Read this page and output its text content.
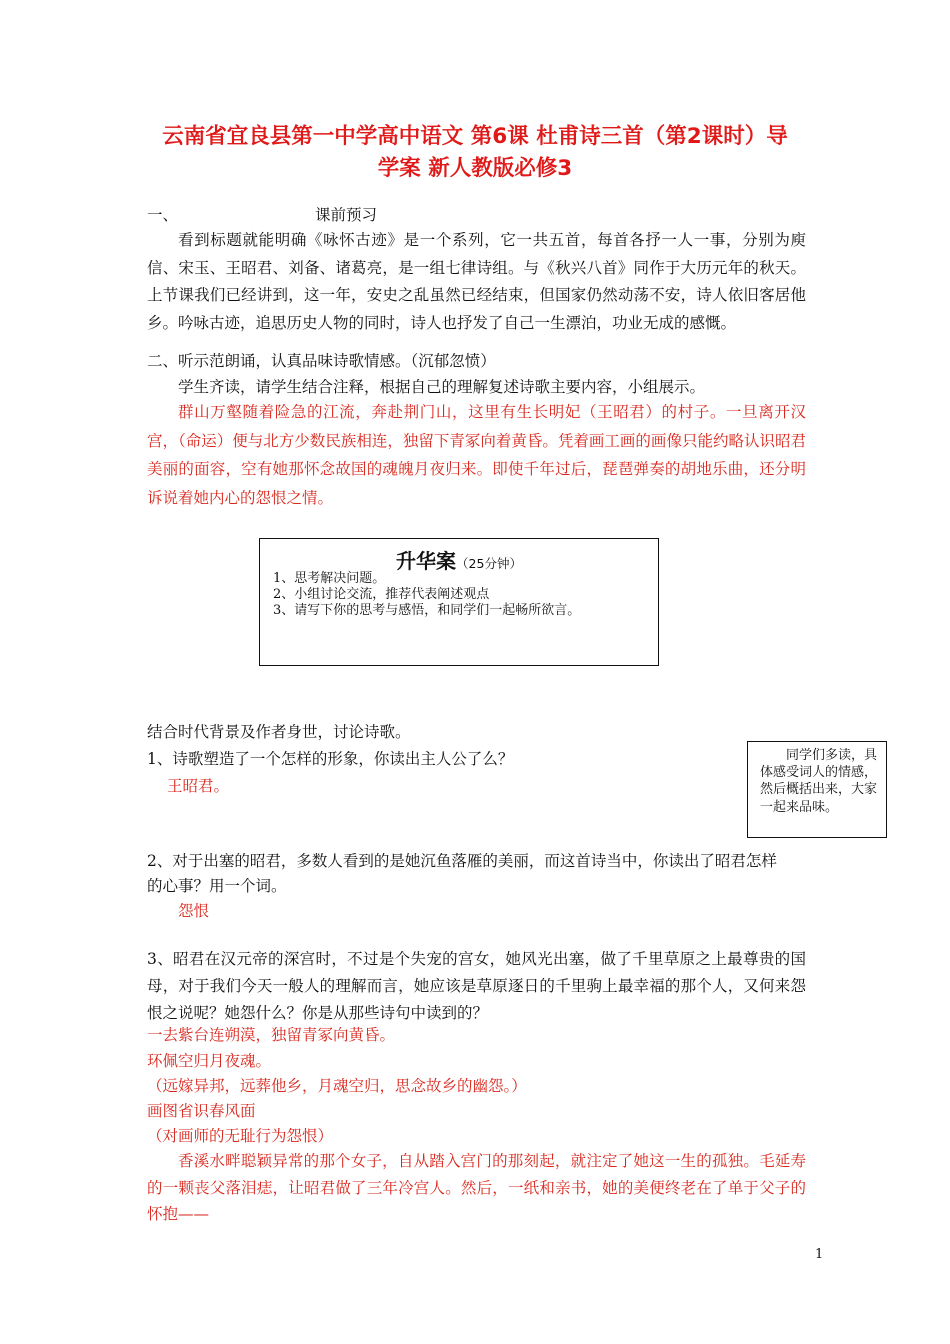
云南省宜良县第一中学高中语文 第6课 杜甫诗三首（第2课时）导
学案 新人教版必修3
一、	课前预习
看到标题就能明确《咏怀古迹》是一个系列，它一共五首，每首各抒一人一事，分别为庾信、宋玉、王昭君、刘备、诸葛亮，是一组七律诗组。与《秋兴八首》同作于大历元年的秋天。上节课我们已经讲到，这一年，安史之乱虽然已经结束，但国家仍然动荡不安，诗人依旧客居他乡。吟咏古迹，追思历史人物的同时，诗人也抒发了自己一生漂泊，功业无成的感慨。
二、听示范朗诵，认真品味诗歌情感。（沉郁忽愤）
学生齐读，请学生结合注释，根据自己的理解复述诗歌主要内容，小组展示。
群山万壑随着险急的江流，奔赴荆门山，这里有生长明妃（王昭君）的村子。一旦离开汉宫，（命运）便与北方少数民族相连，独留下青冢向着黄昏。凭着画工画的画像只能约略认识昭君美丽的面容，空有她那怀念故国的魂魄月夜归来。即使千年过后，琵琶弹奏的胡地乐曲，还分明诉说着她内心的怨恨之情。
升华案（25分钟）
1、思考解决问题。
2、小组讨论交流，推荐代表阐述观点
3、请写下你的思考与感悟，和同学们一起畅所欲言。
结合时代背景及作者身世，讨论诗歌。
1、诗歌塑造了一个怎样的形象，你读出主人公了么？
王昭君。
同学们多读，具体感受词人的情感，然后概括出来，大家一起来品味。
2、对于出塞的昭君，多数人看到的是她沉鱼落雁的美丽，而这首诗当中，你读出了昭君怎样
的心事？用一个词。
怨恨
3、昭君在汉元帝的深宫时，不过是个失宠的宫女，她风光出塞，做了千里草原之上最尊贵的国母，对于我们今天一般人的理解而言，她应该是草原逐日的千里驹上最幸福的那个人，又何来怨恨之说呢？她怨什么？你是从那些诗句中读到的？
一去紫台连朔漠，独留青冢向黄昏。
环佩空归月夜魂。
（远嫁异邦，远葬他乡，月魂空归，思念故乡的幽怨。）
画图省识春风面
（对画师的无耻行为怨恨）
香溪水畔聪颖异常的那个女子，自从踏入宫门的那刻起，就注定了她这一生的孤独。毛延寿的一颗丧父落泪痣，让昭君做了三年冷宫人。然后，一纸和亲书，她的美便终老在了单于父子的怀抱——
1
